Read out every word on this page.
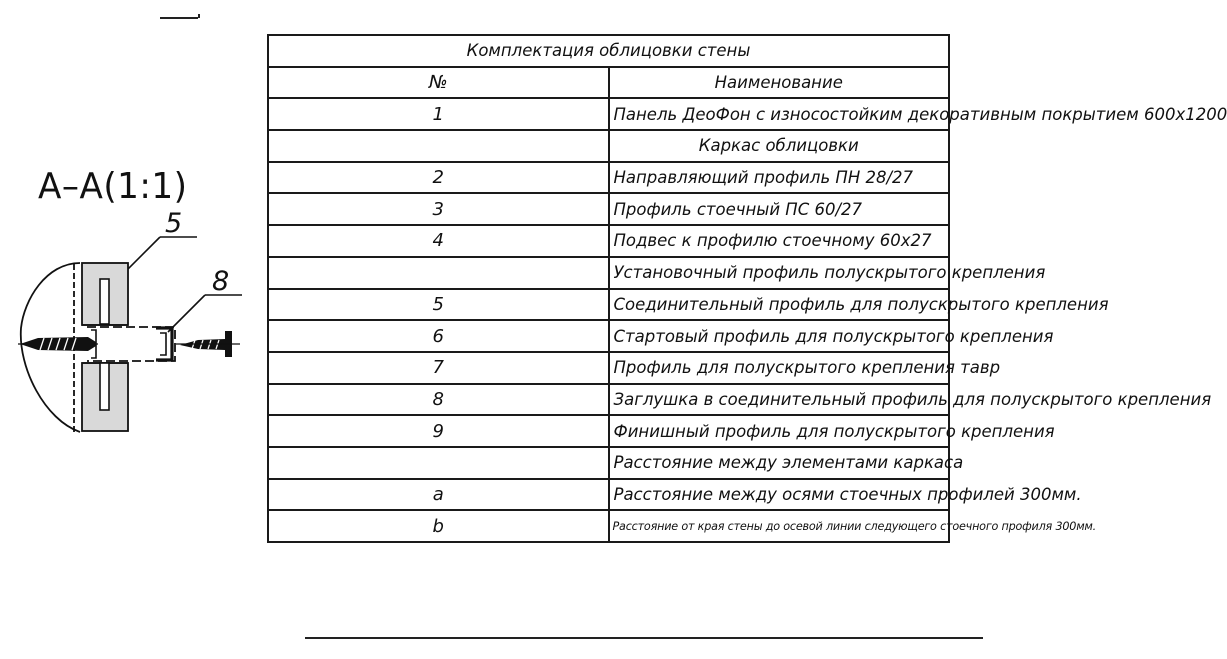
A–A(1:1)
5
8
Комплектация облицовки стены	
№	Наименование
1	Панель ДеоФон с износостойким декоративным покрытием 600х1200
	Каркас облицовки
2	Направляющий профиль ПН 28/27
3	Профиль стоечный ПС 60/27
4	Подвес к профилю стоечному 60х27
	Установочный профиль полускрытого крепления
5	Соединительный профиль для полускрытого крепления
6	Стартовый профиль для полускрытого крепления
7	Профиль для полускрытого крепления тавр
8	Заглушка в соединительный профиль для полускрытого крепления
9	Финишный профиль для полускрытого крепления
	Расстояние между элементами каркаса
a	Расстояние между осями стоечных профилей 300мм.
b	Расстояние от края стены до осевой линии следующего стоечного профиля 300мм.
